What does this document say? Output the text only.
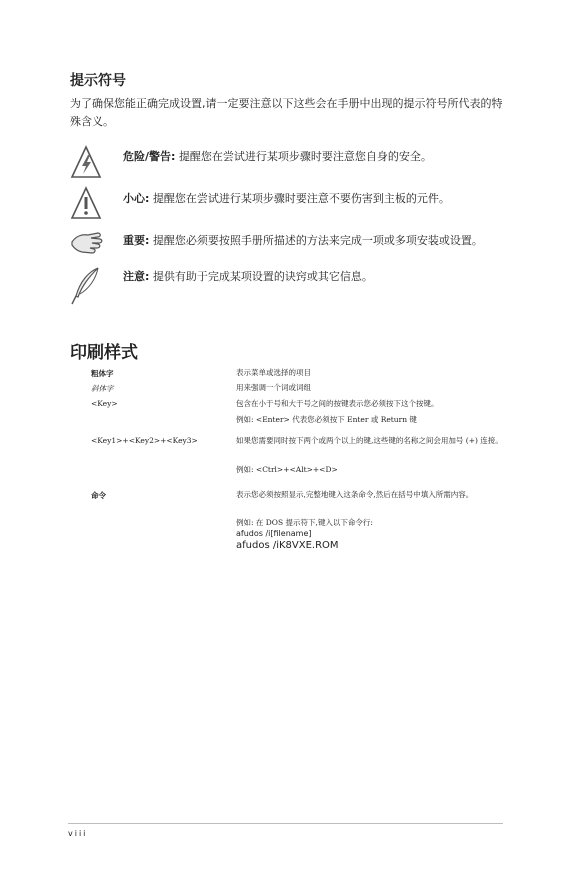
提示符号
为了确保您能正确完成设置,请一定要注意以下这些会在手册中出现的提示符号所代表的特殊含义。
危险/警告: 提醒您在尝试进行某项步骤时要注意您自身的安全。
小心: 提醒您在尝试进行某项步骤时要注意不要伤害到主板的元件。
重要: 提醒您必须要按照手册所描述的方法来完成一项或多项安装或设置。
注意: 提供有助于完成某项设置的诀窍或其它信息。
印刷样式
粗体字	表示菜单或选择的项目
斜体字	用来强调一个词或词组
<Key>	包含在小于号和大于号之间的按键表示您必须按下这个按键。
例如: <Enter> 代表您必须按下 Enter 或 Return 键
<Key1>+<Key2>+<Key3>	如果您需要同时按下两个或两个以上的键,这些键的名称之间会用加号 (+) 连接。
例如: <Ctrl>+<Alt>+<D>
命令	表示您必须按照显示,完整地键入这条命令,然后在括号中填入所需内容。
例如: 在 DOS 提示符下,键入以下命令行:
afudos /i[filename]
afudos /iK8VXE.ROM
viii
